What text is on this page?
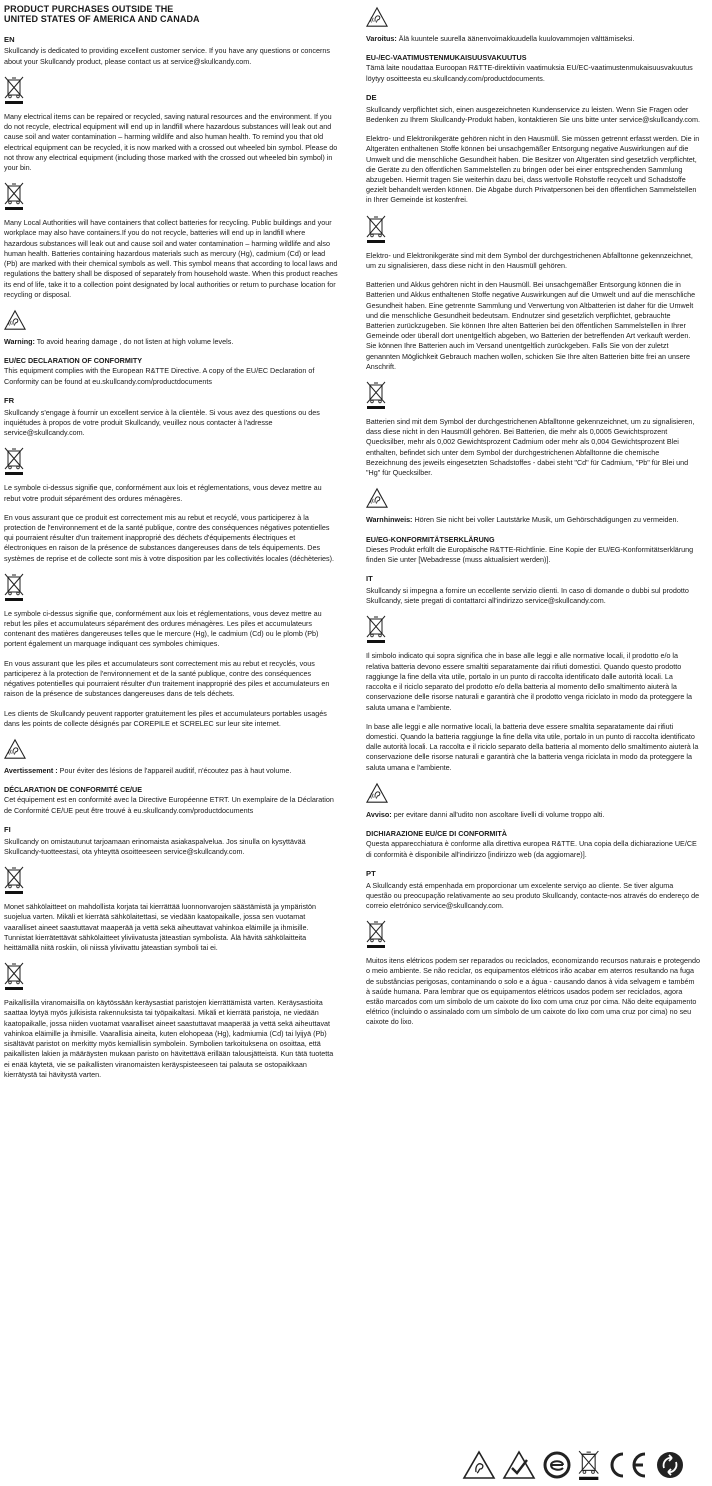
PRODUCT PURCHASES OUTSIDE THE
UNITED STATES OF AMERICA AND CANADA
EN

Skullcandy is dedicated to providing excellent customer service. If you have any questions or concerns about your Skullcandy product, please contact us at service@skullcandy.com.

Many electrical items can be repaired or recycled, saving natural resources and the environment. If you do not recycle, electrical equipment will end up in landfill where hazardous substances will leak out and cause soil and water contamination – harming wildlife and also human health. To remind you that old electrical equipment can be recycled, it is now marked with a crossed out wheeled bin symbol. Please do not throw any electrical equipment (including those marked with the crossed out wheeled bin symbol) in your bin.

Many Local Authorities will have containers that collect batteries for recycling. Public buildings and your workplace may also have containers.If you do not recycle, batteries will end up in landfill where hazardous substances will leak out and cause soil and water contamination – harming wildlife and also human health. Batteries containing hazardous materials such as mercury (Hg), cadmium (Cd) or lead (Pb) are marked with their chemical symbols as well. This symbol means that according to local laws and regulations the battery shall be disposed of separately from household waste. When this product reaches its end of life, take it to a collection point designated by local authorities or return to purchase location for recycling or disposal.

Warning: To avoid hearing damage , do not listen at high volume levels.

EU/EC DECLARATION OF CONFORMITY

This equipment complies with the European R&TTE Directive. A copy of the EU/EC Declaration of Conformity can be found at eu.skullcandy.com/productdocuments

FR

Skullcandy s'engage à fournir un excellent service à la clientèle. Si vous avez des questions ou des inquiétudes à propos de votre produit Skullcandy, veuillez nous contacter à l'adresse service@skullcandy.com.

Le symbole ci-dessus signifie que, conformément aux lois et réglementations, vous devez mettre au rebut votre produit séparément des ordures ménagères.

En vous assurant que ce produit est correctement mis au rebut et recyclé, vous participerez à la protection de l'environnement et de la santé publique, contre des conséquences négatives potentielles qui pourraient résulter d'un traitement inapproprié des déchets d'équipements électriques et électroniques en raison de la présence de substances dangereuses dans de tels équipements. Des systèmes de reprise et de collecte sont mis à votre disposition par les collectivités locales (déchèteries).

Le symbole ci-dessus signifie que, conformément aux lois et réglementations, vous devez mettre au rebut les piles et accumulateurs séparément des ordures ménagères. Les piles et accumulateurs contenant des matières dangereuses telles que le mercure (Hg), le cadmium (Cd) ou le plomb (Pb) portent également un marquage indiquant ces symboles chimiques.

En vous assurant que les piles et accumulateurs sont correctement mis au rebut et recyclés, vous participerez à la protection de l'environnement et de la santé publique, contre des conséquences négatives potentielles qui pourraient résulter d'un traitement inapproprié des piles et accumulateurs en raison de la présence de substances dangereuses dans de tels déchets.

Les clients de Skullcandy peuvent rapporter gratuitement les piles et accumulateurs portables usagés dans les points de collecte désignés par COREPILE et SCRELEC sur leur site internet.

Avertissement : Pour éviter des lésions de l'appareil auditif, n'écoutez pas à haut volume.

DÉCLARATION DE CONFORMITÉ CE/UE

Cet équipement est en conformité avec la Directive Européenne ETRT. Un exemplaire de la Déclaration de Conformité CE/UE peut être trouvé à eu.skullcandy.com/productdocuments

FI

Skullcandy on omistautunut tarjoamaan erinomaista asiakaspalvelua. Jos sinulla on kysyttävää Skullcandy-tuotteestasi, ota yhteyttä osoitteeseen service@skullcandy.com.

Monet sähkölaitteet on mahdollista korjata tai kierrättää luonnonvarojen säästämistä ja ympäristön suojelua varten. Mikäli et kierrätä sähkölaitettasi, se viedään kaatopaikalle, jossa sen vuotamat vaaralliset aineet saastuttavat maaperää ja vettä sekä aiheuttavat vahinkoa eläimille ja ihmisille. Tunnistat kierrätettävät sähkölaitteet yliviivatusta jäteastian symbolista. Älä hävitä sähkölaitteita heittämällä niitä roskiin, oli niissä yliviivattu jäteastian symboli tai ei.

Paikallisilla viranomaisilla on käytössään keräysastiat paristojen kierrättämistä varten. Keräysastioita saattaa löytyä myös julkisista rakennuksista tai työpaikaltasi. Mikäli et kierrätä paristoja, ne viedään kaatopaikalle, jossa niiden vuotamat vaaralliset aineet saastuttavat maaperää ja vettä sekä aiheuttavat vahinkoa eläimille ja ihmisille. Vaarallisia aineita, kuten elohopeaa (Hg), kadmiumia (Cd) tai lyijyä (Pb) sisältävät paristot on merkitty myös kemiallisin symbolein. Symbolien tarkoituksena on osoittaa, että paikallisten lakien ja määräysten mukaan paristo on hävitettävä erillään talousjätteistä. Kun tätä tuotetta ei enää käytetä, vie se paikallisten viranomaisten keräyspisteeseen tai palauta se ostopaikkaan kierrätystä tai hävitystä varten.

Varoitus: Älä kuuntele suurella äänenvoimakkuudella kuulovammojen välttämiseksi.

EU-/EC-VAATIMUSTENMUKAISUUSVAKUUTUS

Tämä laite noudattaa Euroopan R&TTE-direktiivin vaatimuksia EU/EC-vaatimustenmukaisuusvakuutus löytyy osoitteesta eu.skullcandy.com/productdocuments.

DE

Skullcandy verpflichtet sich, einen ausgezeichneten Kundenservice zu leisten. Wenn Sie Fragen oder Bedenken zu Ihrem Skullcandy-Produkt haben, kontaktieren Sie uns bitte unter service@skullcandy.com.

Elektro- und Elektronikgeräte gehören nicht in den Hausmüll. Sie müssen getrennt erfasst werden. Die in Altgeräten enthaltenen Stoffe können bei unsachgemäßer Entsorgung negative Auswirkungen auf die Umwelt und die menschliche Gesundheit haben. Die Besitzer von Altgeräten sind gesetzlich verpflichtet, die Geräte zu den öffentlichen Sammelstellen zu bringen oder bei einer entsprechenden Sammlung abzugeben. Hiermit tragen Sie weiterhin dazu bei, dass wertvolle Rohstoffe recycelt und Schadstoffe gezielt behandelt werden können. Die Abgabe durch Privatpersonen bei den öffentlichen Sammelstellen in Ihrer Gemeinde ist kostenfrei.

Elektro- und Elektronikgeräte sind mit dem Symbol der durchgestrichenen Abfalltonne gekennzeichnet, um zu signalisieren, dass diese nicht in den Hausmüll gehören.

Batterien und Akkus gehören nicht in den Hausmüll. Bei unsachgemäßer Entsorgung können die in Batterien und Akkus enthaltenen Stoffe negative Auswirkungen auf die Umwelt und auf die menschliche Gesundheit haben. Eine getrennte Sammlung und Verwertung von Altbatterien ist daher für die Umwelt und die menschliche Gesundheit bedeutsam. Endnutzer sind gesetzlich verpflichtet, gebrauchte Batterien zurückzugeben. Sie können Ihre alten Batterien bei den öffentlichen Sammelstellen in Ihrer Gemeinde oder überall dort unentgeltlich abgeben, wo Batterien der betreffenden Art verkauft werden. Sie können Ihre Batterien auch im Versand unentgeltlich zurückgeben. Falls Sie von der zuletzt genannten Möglichkeit Gebrauch machen wollen, schicken Sie Ihre alten Batterien bitte frei an unsere Anschrift.

Batterien sind mit dem Symbol der durchgestrichenen Abfalltonne gekennzeichnet, um zu signalisieren, dass diese nicht in den Hausmüll gehören. Bei Batterien, die mehr als 0,0005 Gewichtsprozent Quecksilber, mehr als 0,002 Gewichtsprozent Cadmium oder mehr als 0,004 Gewichtsprozent Blei enthalten, befindet sich unter dem Symbol der durchgestrichenen Abfalltonne die chemische Bezeichnung des jeweils eingesetzten Schadstoffes - dabei steht "Cd" für Cadmium, "Pb" für Blei und "Hg" für Quecksilber.

Warnhinweis: Hören Sie nicht bei voller Lautstärke Musik, um Gehörschädigungen zu vermeiden.

EU/EG-KONFORMITÄTSERKLÄRUNG

Dieses Produkt erfüllt die Europäische R&TTE-Richtlinie. Eine Kopie der EU/EG-Konformitätserklärung finden Sie unter [Webadresse (muss aktualisiert werden)].

IT

Skullcandy si impegna a fornire un eccellente servizio clienti. In caso di domande o dubbi sul prodotto Skullcandy, siete pregati di contattarci all'indirizzo service@skullcandy.com.

Il simbolo indicato qui sopra significa che in base alle leggi e alle normative locali, il prodotto e/o la relativa batteria devono essere smaltiti separatamente dai rifiuti domestici. Quando questo prodotto raggiunge la fine della vita utile, portalo in un punto di raccolta identificato dalle autorità locali. La raccolta e il riciclo separato del prodotto e/o della batteria al momento dello smaltimento aiuterà la conservazione delle risorse naturali e garantirà che il prodotto venga riciclato in modo da proteggere la saluta umana e l'ambiente.

In base alle leggi e alle normative locali, la batteria deve essere smaltita separatamente dai rifiuti domestici. Quando la batteria raggiunge la fine della vita utile, portalo in un punto di raccolta identificato dalle autorità locali. La raccolta e il riciclo separato della batteria al momento dello smaltimento aiuterà la conservazione delle risorse naturali e garantirà che la batteria venga riciclata in modo da proteggere la saluta umana e l'ambiente.

Avviso: per evitare danni all'udito non ascoltare livelli di volume troppo alti.

DICHIARAZIONE EU/CE DI CONFORMITÀ

Questa apparecchiatura è conforme alla direttiva europea R&TTE. Una copia della dichiarazione UE/CE di conformità è disponibile all'indirizzo [indirizzo web (da aggiornare)].

PT

A Skullcandy está empenhada em proporcionar um excelente serviço ao cliente. Se tiver alguma questão ou preocupação relativamente ao seu produto Skullcandy, contacte-nos através do endereço de correio eletrónico service@skullcandy.com.

Muitos itens elétricos podem ser reparados ou reciclados, economizando recursos naturais e protegendo o meio ambiente. Se não reciclar, os equipamentos elétricos irão acabar em aterros resultando na fuga de substâncias perigosas, contaminando o solo e a água - causando danos à vida selvagem e também à saúde humana. Para lembrar que os equipamentos elétricos usados podem ser reciclados, agora estão marcados com um símbolo de um caixote do lixo com uma cruz por cima. Não deite equipamento elétrico (incluindo o assinalado com um símbolo de um caixote do lixo com uma cruz por cima) no seu caixote do lixo.
